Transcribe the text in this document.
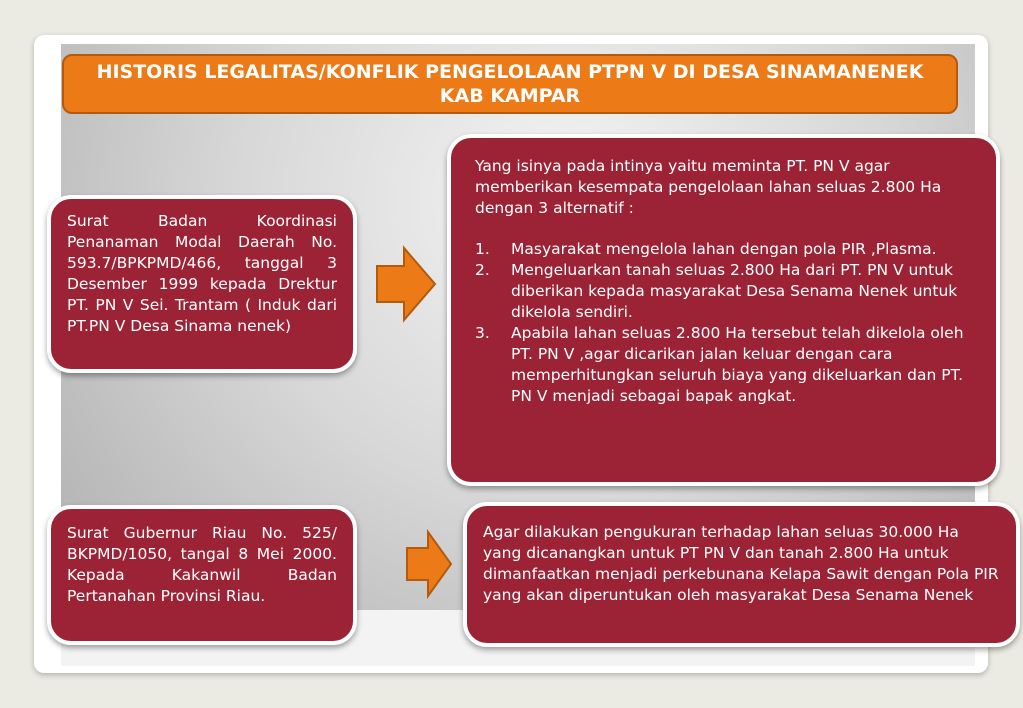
HISTORIS LEGALITAS/KONFLIK PENGELOLAAN PTPN V DI DESA SINAMANENEK KAB KAMPAR
Surat Badan Koordinasi Penanaman Modal Daerah No. 593.7/BPKPMD/466, tanggal 3 Desember 1999 kepada Drektur PT. PN V Sei. Trantam ( Induk dari PT.PN V Desa Sinama nenek)
Yang isinya pada intinya yaitu meminta PT. PN V agar memberikan kesempata pengelolaan lahan seluas 2.800 Ha dengan 3 alternatif :
1.	Masyarakat mengelola lahan dengan pola PIR ,Plasma.
2.	Mengeluarkan tanah seluas 2.800 Ha dari PT. PN V untuk diberikan kepada masyarakat Desa Senama Nenek untuk dikelola sendiri.
3.	Apabila lahan seluas 2.800 Ha tersebut telah dikelola oleh PT. PN V ,agar dicarikan jalan keluar dengan cara memperhitungkan seluruh biaya yang dikeluarkan dan PT. PN V menjadi sebagai bapak angkat.
Surat Gubernur Riau No. 525/ BKPMD/1050, tangal 8 Mei 2000. Kepada Kakanwil Badan Pertanahan Provinsi Riau.
Agar dilakukan pengukuran terhadap lahan seluas 30.000 Ha yang dicanangkan untuk PT PN V dan tanah 2.800 Ha untuk dimanfaatkan menjadi perkebunana Kelapa Sawit dengan Pola PIR yang akan diperuntukan oleh masyarakat Desa Senama Nenek
